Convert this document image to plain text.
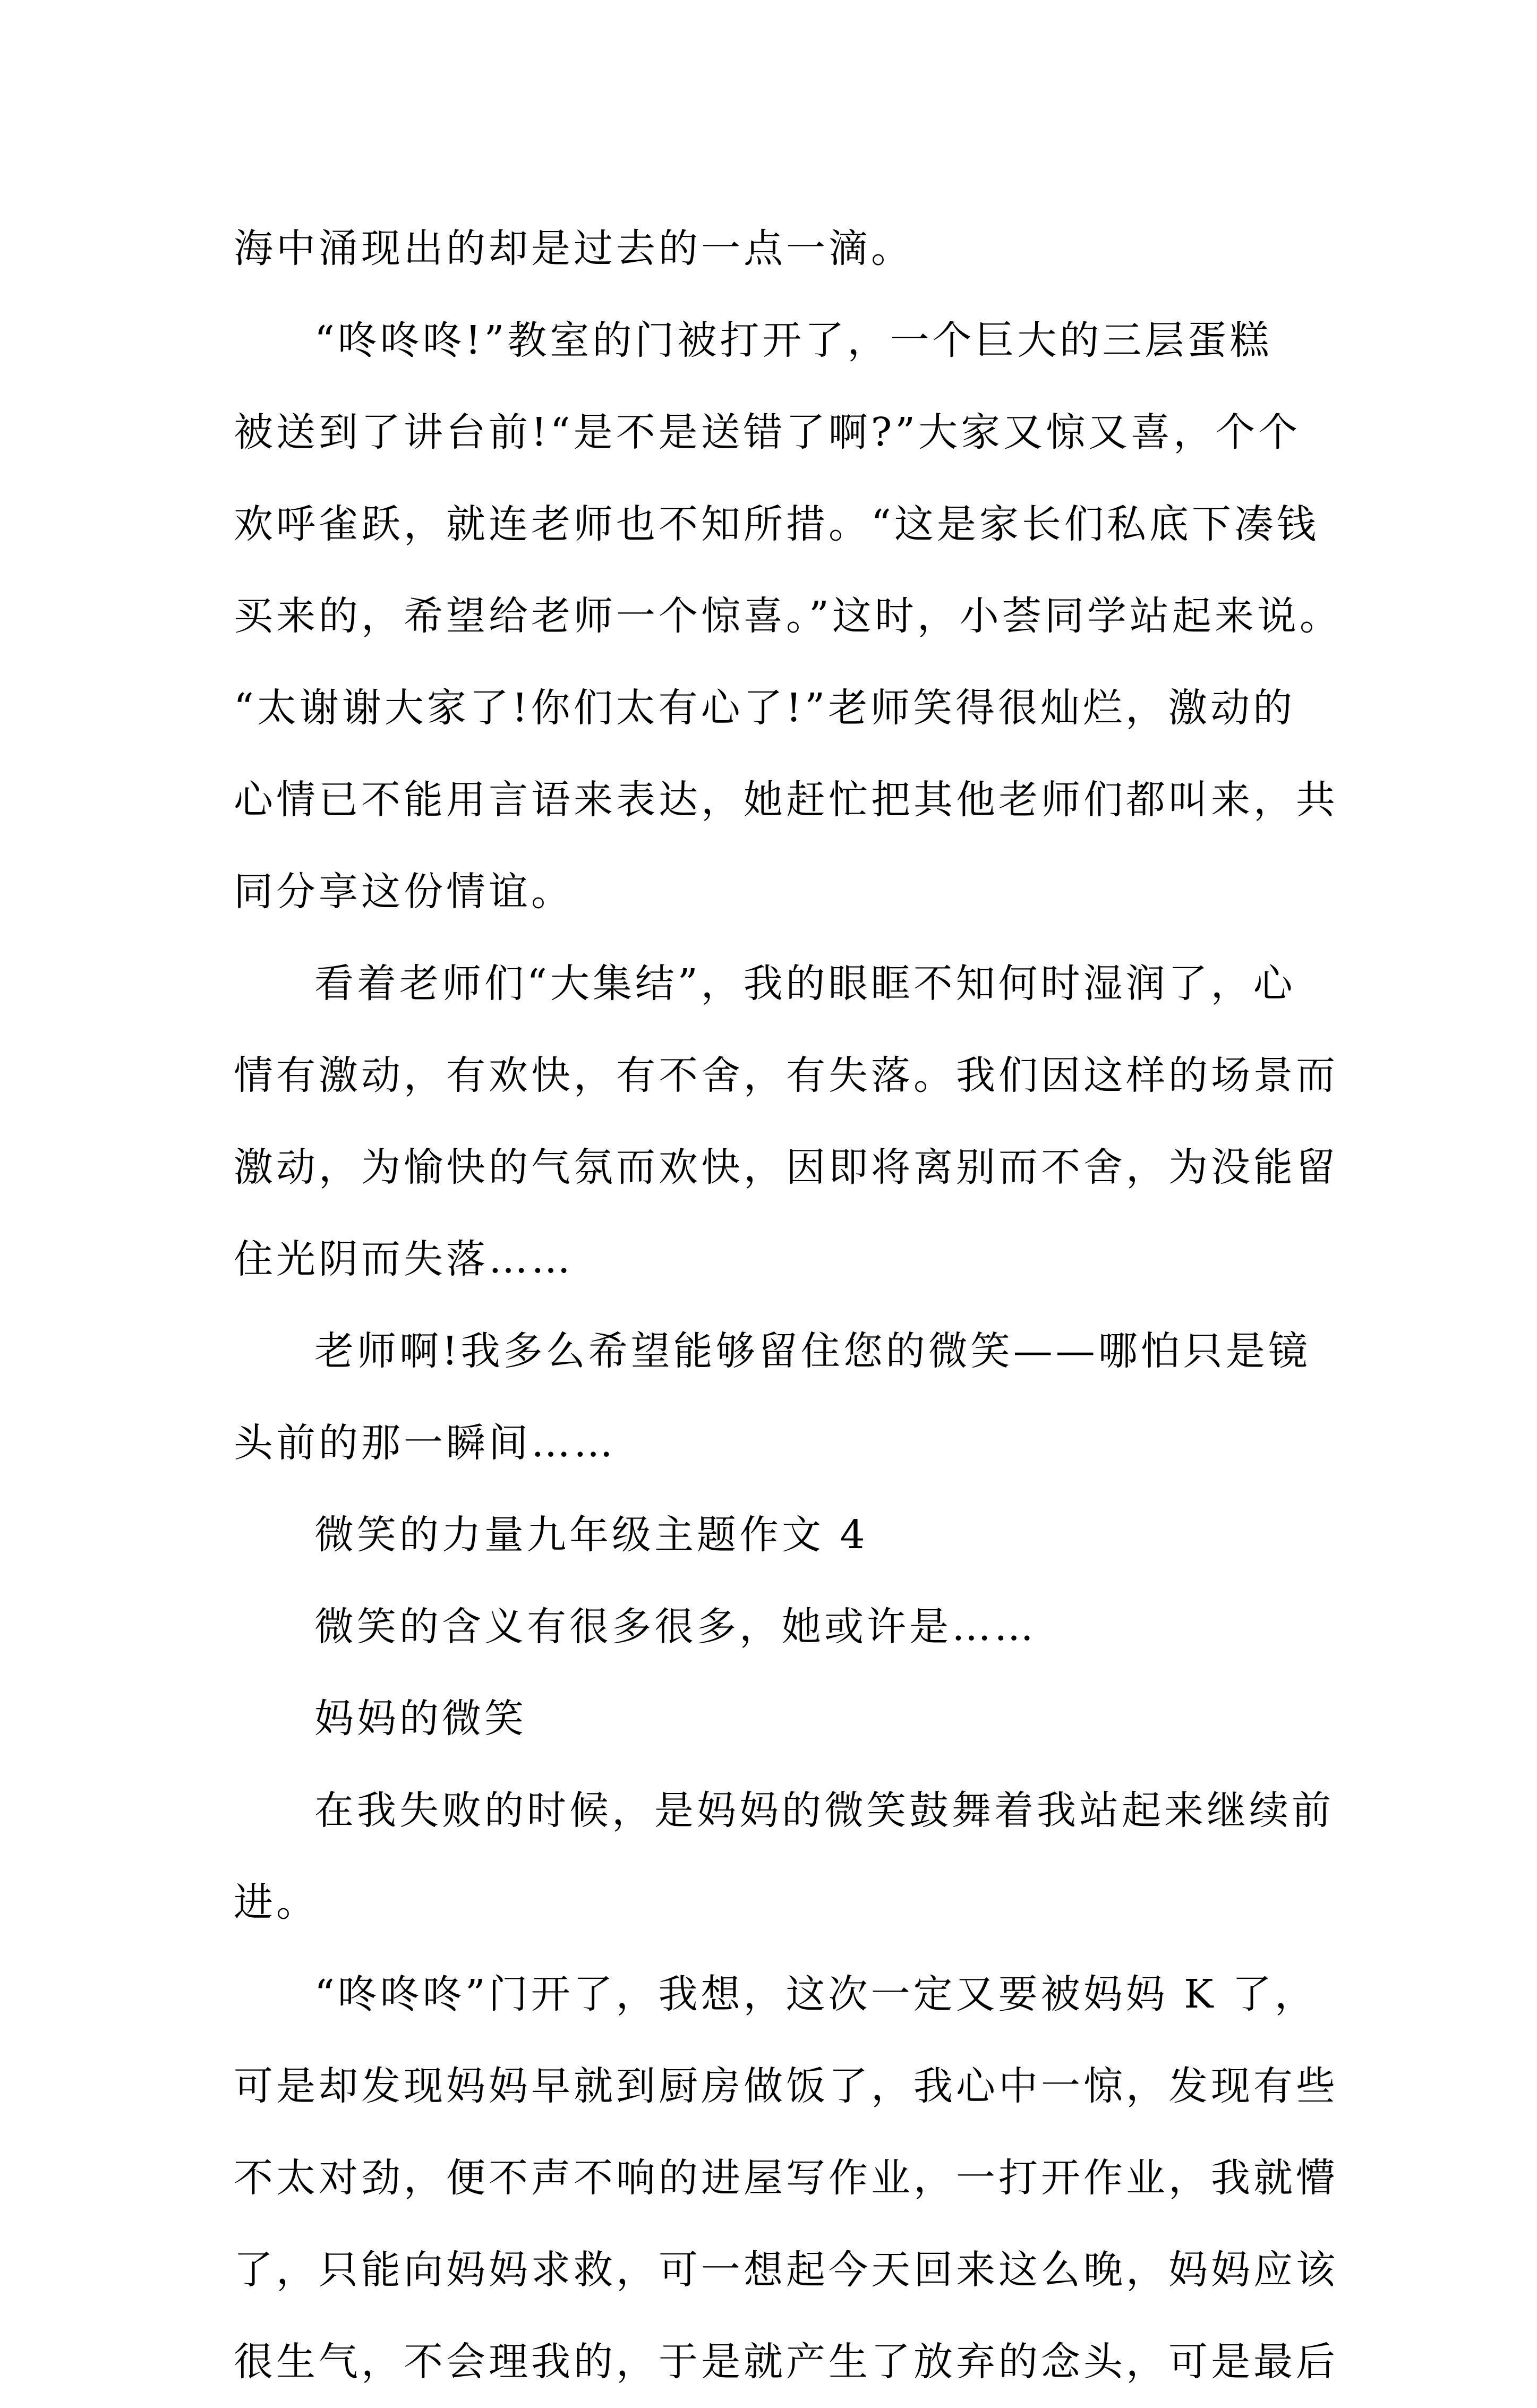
海中涌现出的却是过去的一点一滴。
“咚咚咚!”教室的门被打开了，一个巨大的三层蛋糕
被送到了讲台前!“是不是送错了啊?”大家又惊又喜，个个
欢呼雀跃，就连老师也不知所措。“这是家长们私底下凑钱
买来的，希望给老师一个惊喜。”这时，小荟同学站起来说。
“太谢谢大家了!你们太有心了!”老师笑得很灿烂，激动的
心情已不能用言语来表达，她赶忙把其他老师们都叫来，共
同分享这份情谊。
看着老师们“大集结”，我的眼眶不知何时湿润了，心
情有激动，有欢快，有不舍，有失落。我们因这样的场景而
激动，为愉快的气氛而欢快，因即将离别而不舍，为没能留
住光阴而失落……
老师啊!我多么希望能够留住您的微笑——哪怕只是镜
头前的那一瞬间……
微笑的力量九年级主题作文 4
微笑的含义有很多很多，她或许是……
妈妈的微笑
在我失败的时候，是妈妈的微笑鼓舞着我站起来继续前
进。
“咚咚咚”门开了，我想，这次一定又要被妈妈 K 了，
可是却发现妈妈早就到厨房做饭了，我心中一惊，发现有些
不太对劲，便不声不响的进屋写作业，一打开作业，我就懵
了，只能向妈妈求救，可一想起今天回来这么晚，妈妈应该
很生气，不会理我的，于是就产生了放弃的念头，可是最后
